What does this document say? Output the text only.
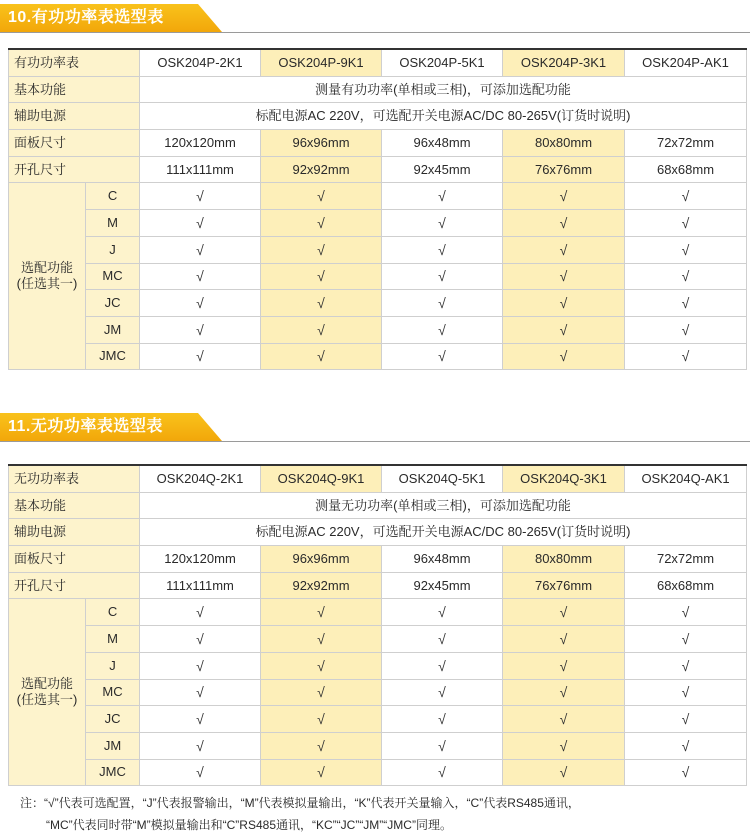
10.有功功率表选型表
有功功率表		OSK204P-2K1	OSK204P-9K1	OSK204P-5K1	OSK204P-3K1	OSK204P-AK1
基本功能		测量有功功率(单相或三相)，可添加选配功能				
辅助电源		标配电源AC 220V，可选配开关电源AC/DC 80-265V(订货时说明)				
面板尺寸		120x120mm	96x96mm	96x48mm	80x80mm	72x72mm
开孔尺寸		111x111mm	92x92mm	92x45mm	76x76mm	68x68mm

选配功能
(任选其一)	C	√	√	√	√	√
	M	√	√	√	√	√
	J	√	√	√	√	√
	MC	√	√	√	√	√
	JC	√	√	√	√	√
	JM	√	√	√	√	√
	JMC	√	√	√	√	√
11.无功功率表选型表
无功功率表		OSK204Q-2K1	OSK204Q-9K1	OSK204Q-5K1	OSK204Q-3K1	OSK204Q-AK1
基本功能		测量无功功率(单相或三相)，可添加选配功能				
辅助电源		标配电源AC 220V，可选配开关电源AC/DC 80-265V(订货时说明)				
面板尺寸		120x120mm	96x96mm	96x48mm	80x80mm	72x72mm
开孔尺寸		111x111mm	92x92mm	92x45mm	76x76mm	68x68mm

选配功能
(任选其一)	C	√	√	√	√	√
	M	√	√	√	√	√
	J	√	√	√	√	√
	MC	√	√	√	√	√
	JC	√	√	√	√	√
	JM	√	√	√	√	√
	JMC	√	√	√	√	√
注：“√”代表可选配置，“J”代表报警输出，“M”代表模拟量输出，“K”代表开关量输入，“C”代表RS485通讯，
“MC”代表同时带“M”模拟量输出和“C”RS485通讯，“KC”“JC”“JM”“JMC”同理。
